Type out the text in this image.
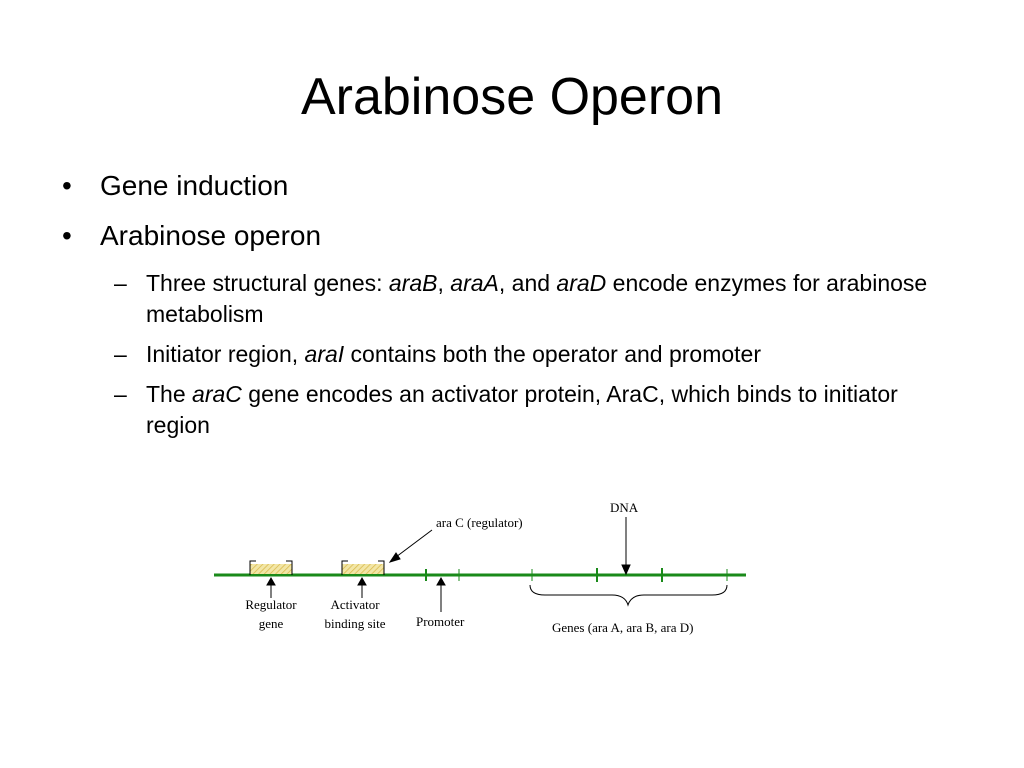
Arabinose Operon
• Gene induction
• Arabinose operon
– Three structural genes: araB, araA, and araD encode enzymes for arabinose metabolism
– Initiator region, araI contains both the operator and promoter
– The araC gene encodes an activator protein, AraC, which binds to initiator region
DNA
ara C (regulator)
Regulator
gene
Activator
binding site Promoter	Genes (ara A, ara B, ara D)
